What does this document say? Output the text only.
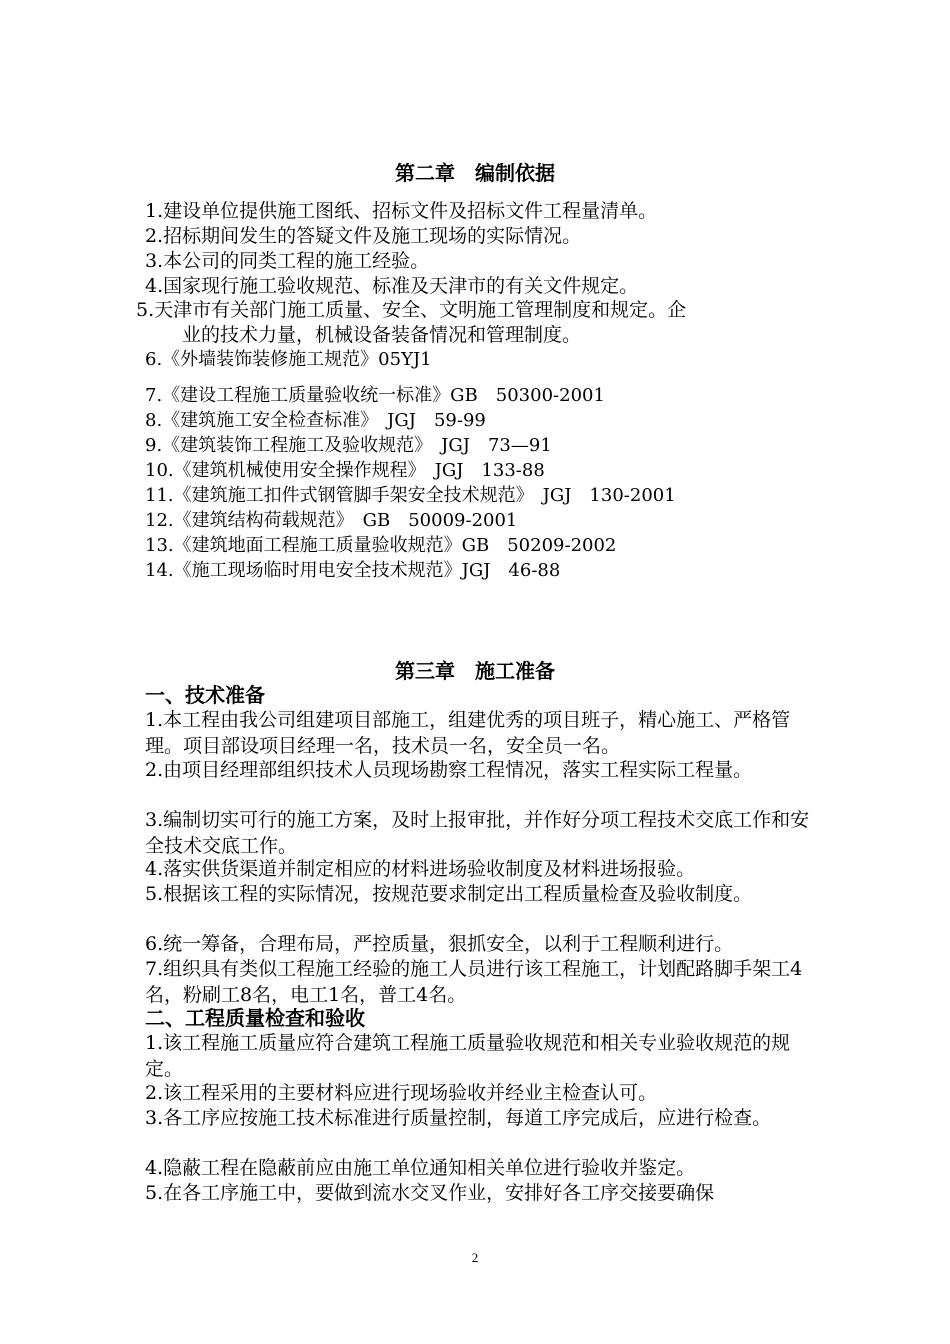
第二章　编制依据
1.建设单位提供施工图纸、招标文件及招标文件工程量清单。
2.招标期间发生的答疑文件及施工现场的实际情况。
3.本公司的同类工程的施工经验。
4.国家现行施工验收规范、标准及天津市的有关文件规定。
5.天津市有关部门施工质量、安全、文明施工管理制度和规定。企
业的技术力量，机械设备装备情况和管理制度。
6.《外墙装饰装修施工规范》05YJ1
7.《建设工程施工质量验收统一标准》GB　50300-2001
8.《建筑施工安全检查标准》　JGJ　59-99
9.《建筑装饰工程施工及验收规范》　JGJ　73—91
10.《建筑机械使用安全操作规程》　JGJ　133-88
11.《建筑施工扣件式钢管脚手架安全技术规范》　JGJ　130-2001
12.《建筑结构荷载规范》　GB　50009-2001
13.《建筑地面工程施工质量验收规范》GB　50209-2002
14.《施工现场临时用电安全技术规范》JGJ　46-88
第三章　施工准备
一、技术准备
1.本工程由我公司组建项目部施工，组建优秀的项目班子，精心施工、严格管理。项目部设项目经理一名，技术员一名，安全员一名。
2.由项目经理部组织技术人员现场勘察工程情况，落实工程实际工程量。
3.编制切实可行的施工方案，及时上报审批，并作好分项工程技术交底工作和安全技术交底工作。
4.落实供货渠道并制定相应的材料进场验收制度及材料进场报验。
5.根据该工程的实际情况，按规范要求制定出工程质量检查及验收制度。
6.统一筹备，合理布局，严控质量，狠抓安全，以利于工程顺利进行。
7.组织具有类似工程施工经验的施工人员进行该工程施工，计划配路脚手架工4名，粉刷工8名，电工1名，普工4名。
二、工程质量检查和验收
1.该工程施工质量应符合建筑工程施工质量验收规范和相关专业验收规范的规定。
2.该工程采用的主要材料应进行现场验收并经业主检查认可。
3.各工序应按施工技术标准进行质量控制，每道工序完成后，应进行检查。
4.隐蔽工程在隐蔽前应由施工单位通知相关单位进行验收并鉴定。
5.在各工序施工中，要做到流水交叉作业，安排好各工序交接要确保
2
